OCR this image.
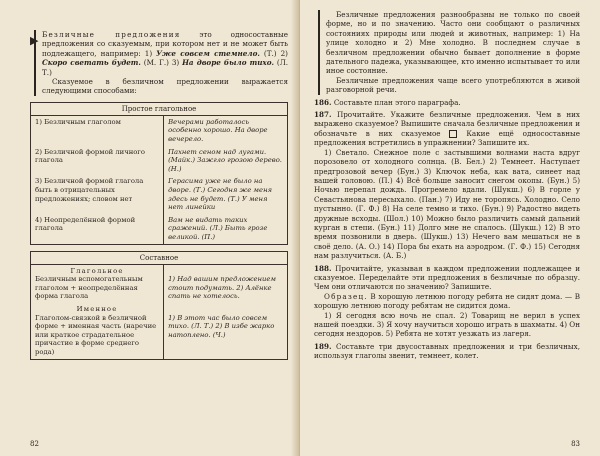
▶ Безличные предложения это односоставные предложения со сказуемым, при котором нет и не может быть подлежащего, например: 1) Уже совсем стемнело. (Т.) 2) Скоро светать будет. (М. Г.) 3) На дворе было тихо. (Л. Т.)

Сказуемое в безличном предложении выражается следующими способами:

Простое глагольное
1) Безличным глаголом	Вечерами работалось особенно хорошо. На дворе вечерело.
2) Безличной формой личного глагола
Пахнет сеном над лугами. (Майк.) Зажгло грозою дерево. (Н.)
3) Безличной формой глагола быть в отрицательных предложениях; словом нет
Герасима уже не было на дворе. (Т.) Сегодня же меня здесь не будет. (Т.) У меня нет линейки
4) Неопределённой формой глагола
Вам не видать таких сражений. (Л.) Быть грозе великой. (П.)
Составное
Глагольное
Безличным вспомогательным глаголом + неопределённая форма глагола

1) Над вашим предложением стоит подумать. 2) Алёнке спать не хотелось.
Именное
Глаголом-связкой в безличной форме + именная часть (наречие или краткое страдательное причастие в форме среднего рода)

1) В этот час было совсем тихо. (Л. Т.) 2) В избе жарко натоплено. (Ч.)
82

Безличные предложения разнообразны не только по своей форме, но и по значению. Часто они сообщают о различных состояниях природы или людей и животных, например: 1) На улице холодно и 2) Мне холодно. В последнем случае в безличном предложении обычно бывает дополнение в форме дательного падежа, указывающее, кто именно испытывает то или иное состояние.

Безличные предложения чаще всего употребляются в живой разговорной речи.

186. Составьте план этого параграфа.

187. Прочитайте. Укажите безличные предложения. Чем в них выражено сказуемое? Выпишите сначала безличные предложения и обозначьте в них сказуемое	Какие ещё односоставные предложения встретились в упражнении? Запишите их.

1) Светало. Снежное поле с застывшими волнами наста вдруг порозовело от холодного солнца. (В. Бел.) 2) Темнеет. Наступает предгрозовой вечер (Бун.) 3) Ключок неба, как вата, синеет над вашей головою. (П.) 4) Всё больше заносит снегом окопы. (Бун.) 5) Ночью перепал дождь. Прогремело вдали. (Шукш.) 6) В горле у Севастьянова пересыхало. (Пан.) 7) Иду не торопясь. Холодно. Село пустынно. (Г. Ф.) 8) На селе темно и тихо. (Бун.) 9) Радостно видеть дружные всходы. (Шол.) 10) Можно было различить самый дальний курган в степи. (Бун.) 11) Долго мне не спалось. (Шукш.) 12) В это время позвонили в дверь. (Шукш.) 13) Нечего вам мешаться не в своё дело. (А. О.) 14) Пора бы ехать на аэродром. (Г. Ф.) 15) Сегодня нам разлучиться. (А. Б.)

188. Прочитайте, указывая в каждом предложении подлежащее и сказуемое. Переделайте эти предложения в безличные по образцу. Чем они отличаются по значению? Запишите.

Образец. В хорошую летнюю погоду ребята не сидят дома. — В хорошую летнюю погоду ребятам не сидится дома.

1) Я сегодня всю ночь не спал. 2) Товарищ не верил в успех нашей поездки. 3) Я хочу научиться хорошо играть в шахматы. 4) Он сегодня нездоров. 5) Ребята не хотят уезжать из лагеря.

189. Составьте три двусоставных предложения и три безличных, используя глаголы звенит, темнеет, колет.

83
